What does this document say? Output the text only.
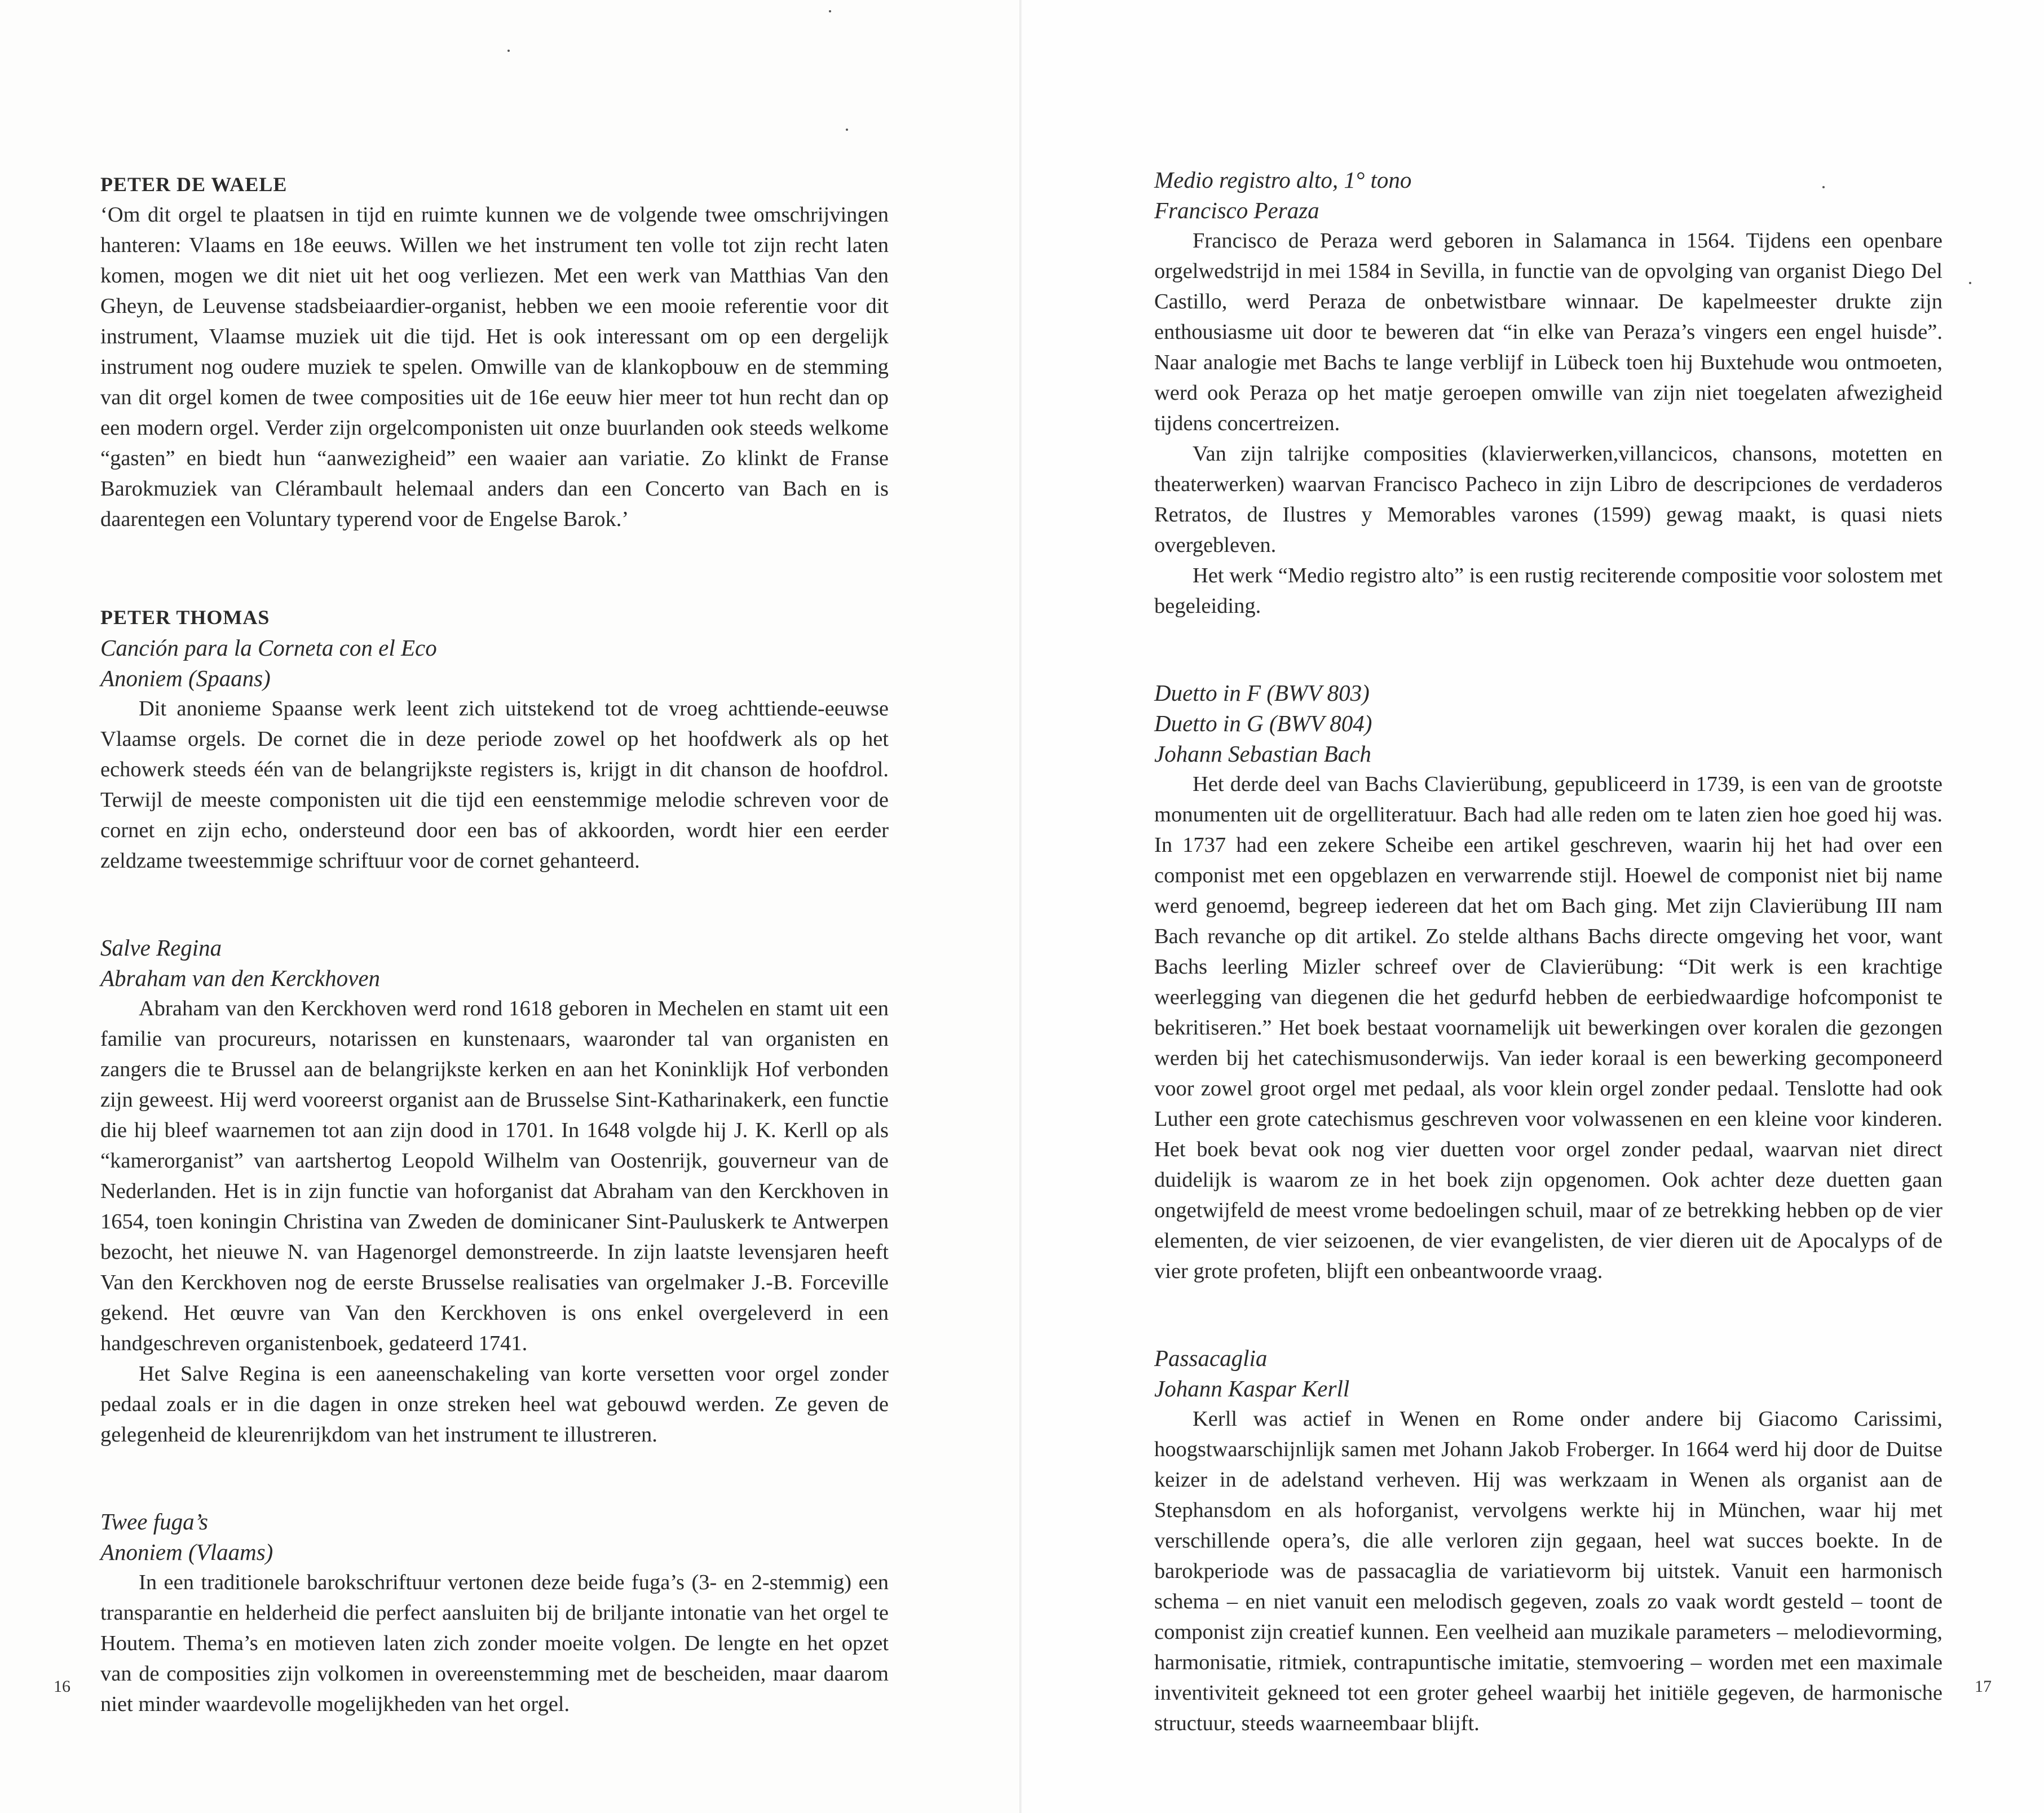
PETER DE WAELE

‘Om dit orgel te plaatsen in tijd en ruimte kunnen we de volgende twee omschrijvingen hanteren: Vlaams en 18e eeuws. Willen we het instrument ten volle tot zijn recht laten komen, mogen we dit niet uit het oog verliezen. Met een werk van Matthias Van den Gheyn, de Leuvense stadsbeiaardier-organist, hebben we een mooie referentie voor dit instrument, Vlaamse muziek uit die tijd. Het is ook interessant om op een dergelijk instrument nog oudere muziek te spelen. Omwille van de klankopbouw en de stemming van dit orgel komen de twee composities uit de 16e eeuw hier meer tot hun recht dan op een modern orgel. Verder zijn orgelcomponisten uit onze buurlanden ook steeds welkome “gasten” en biedt hun “aanwezigheid” een waaier aan variatie. Zo klinkt de Franse Barokmuziek van Clérambault helemaal anders dan een Concerto van Bach en is daarentegen een Voluntary typerend voor de Engelse Barok.’

PETER THOMAS
Canción para la Corneta con el Eco
Anoniem (Spaans)

Dit anonieme Spaanse werk leent zich uitstekend tot de vroeg achttiende-eeuwse Vlaamse orgels. De cornet die in deze periode zowel op het hoofdwerk als op het echowerk steeds één van de belangrijkste registers is, krijgt in dit chanson de hoofdrol. Terwijl de meeste componisten uit die tijd een eenstemmige melodie schreven voor de cornet en zijn echo, ondersteund door een bas of akkoorden, wordt hier een eerder zeldzame tweestemmige schriftuur voor de cornet gehanteerd.

Salve Regina
Abraham van den Kerckhoven

Abraham van den Kerckhoven werd rond 1618 geboren in Mechelen en stamt uit een familie van procureurs, notarissen en kunstenaars, waaronder tal van organisten en zangers die te Brussel aan de belangrijkste kerken en aan het Koninklijk Hof verbonden zijn geweest. Hij werd vooreerst organist aan de Brusselse Sint-Katharinakerk, een functie die hij bleef waarnemen tot aan zijn dood in 1701. In 1648 volgde hij J. K. Kerll op als “kamerorganist” van aartshertog Leopold Wilhelm van Oostenrijk, gouverneur van de Nederlanden. Het is in zijn functie van hoforganist dat Abraham van den Kerckhoven in 1654, toen koningin Christina van Zweden de dominicaner Sint-Pauluskerk te Antwerpen bezocht, het nieuwe N. van Hagenorgel demonstreerde. In zijn laatste levensjaren heeft Van den Kerckhoven nog de eerste Brusselse realisaties van orgelmaker J.-B. Forceville gekend. Het œuvre van Van den Kerckhoven is ons enkel overgeleverd in een handgeschreven organistenboek, gedateerd 1741.

Het Salve Regina is een aaneenschakeling van korte versetten voor orgel zonder pedaal zoals er in die dagen in onze streken heel wat gebouwd werden. Ze geven de gelegenheid de kleurenrijkdom van het instrument te illustreren.

Twee fuga’s
Anoniem (Vlaams)

In een traditionele barokschriftuur vertonen deze beide fuga’s (3- en 2-stemmig) een transparantie en helderheid die perfect aansluiten bij de briljante intonatie van het orgel te Houtem. Thema’s en motieven laten zich zonder moeite volgen. De lengte en het opzet van de composities zijn volkomen in overeenstemming met de bescheiden, maar daarom niet minder waardevolle mogelijkheden van het orgel.

16
Medio registro alto, 1° tono
Francisco Peraza

Francisco de Peraza werd geboren in Salamanca in 1564. Tijdens een openbare orgelwedstrijd in mei 1584 in Sevilla, in functie van de opvolging van organist Diego Del Castillo, werd Peraza de onbetwistbare winnaar. De kapelmeester drukte zijn enthousiasme uit door te beweren dat “in elke van Peraza’s vingers een engel huisde”. Naar analogie met Bachs te lange verblijf in Lübeck toen hij Buxtehude wou ontmoeten, werd ook Peraza op het matje geroepen omwille van zijn niet toegelaten afwezigheid tijdens concertreizen.

Van zijn talrijke composities (klavierwerken,villancicos, chansons, motetten en theaterwerken) waarvan Francisco Pacheco in zijn Libro de descripciones de verdaderos Retratos, de Ilustres y Memorables varones (1599) gewag maakt, is quasi niets overgebleven.

Het werk “Medio registro alto” is een rustig reciterende compositie voor solostem met begeleiding.

Duetto in F (BWV 803)
Duetto in G (BWV 804)
Johann Sebastian Bach

Het derde deel van Bachs Clavierübung, gepubliceerd in 1739, is een van de grootste monumenten uit de orgelliteratuur. Bach had alle reden om te laten zien hoe goed hij was. In 1737 had een zekere Scheibe een artikel geschreven, waarin hij het had over een componist met een opgeblazen en verwarrende stijl. Hoewel de componist niet bij name werd genoemd, begreep iedereen dat het om Bach ging. Met zijn Clavierübung III nam Bach revanche op dit artikel. Zo stelde althans Bachs directe omgeving het voor, want Bachs leerling Mizler schreef over de Clavierübung: “Dit werk is een krachtige weerlegging van diegenen die het gedurfd hebben de eerbiedwaardige hofcomponist te bekritiseren.” Het boek bestaat voornamelijk uit bewerkingen over koralen die gezongen werden bij het catechismusonderwijs. Van ieder koraal is een bewerking gecomponeerd voor zowel groot orgel met pedaal, als voor klein orgel zonder pedaal. Tenslotte had ook Luther een grote catechismus geschreven voor volwassenen en een kleine voor kinderen. Het boek bevat ook nog vier duetten voor orgel zonder pedaal, waarvan niet direct duidelijk is waarom ze in het boek zijn opgenomen. Ook achter deze duetten gaan ongetwijfeld de meest vrome bedoelingen schuil, maar of ze betrekking hebben op de vier elementen, de vier seizoenen, de vier evangelisten, de vier dieren uit de Apocalyps of de vier grote profeten, blijft een onbeantwoorde vraag.

Passacaglia
Johann Kaspar Kerll

Kerll was actief in Wenen en Rome onder andere bij Giacomo Carissimi, hoogstwaarschijnlijk samen met Johann Jakob Froberger. In 1664 werd hij door de Duitse keizer in de adelstand verheven. Hij was werkzaam in Wenen als organist aan de Stephansdom en als hoforganist, vervolgens werkte hij in München, waar hij met verschillende opera’s, die alle verloren zijn gegaan, heel wat succes boekte. In de barokperiode was de passacaglia de variatievorm bij uitstek. Vanuit een harmonisch schema – en niet vanuit een melodisch gegeven, zoals zo vaak wordt gesteld – toont de componist zijn creatief kunnen. Een veelheid aan muzikale parameters – melodievorming, harmonisatie, ritmiek, contrapuntische imitatie, stemvoering – worden met een maximale inventiviteit gekneed tot een groter geheel waarbij het initiële gegeven, de harmonische structuur, steeds waarneembaar blijft.

17
